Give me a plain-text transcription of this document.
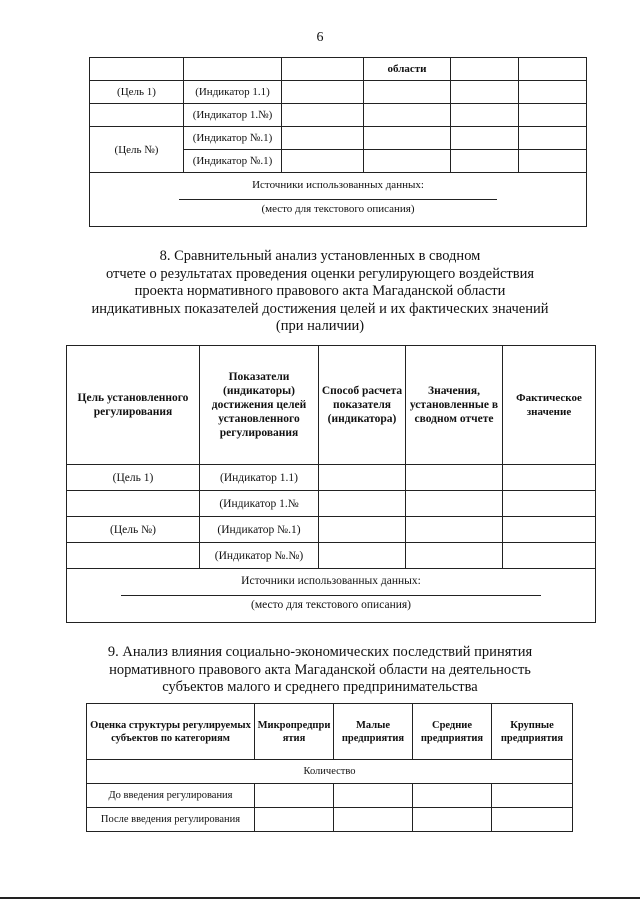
6
			области		
(Цель 1)	(Индикатор 1.1)				
	(Индикатор 1.№)				
(Цель №)	(Индикатор №.1)				
	(Индикатор №.1)				

Источники использованных данных:
(место для текстового описания)					
8. Сравнительный анализ установленных в сводном
отчете о результатах проведения оценки регулирующего воздействия
проекта нормативного правового акта Магаданской области
индикативных показателей достижения целей и их фактических значений
(при наличии)
Цель установленного регулирования	Показатели (индикаторы) достижения целей установленного регулирования	Способ расчета показателя (индикатора)	Значения, установленные в сводном отчете	Фактическое значение
(Цель 1)	(Индикатор 1.1)			
	(Индикатор 1.№			
(Цель №)	(Индикатор №.1)			
	(Индикатор №.№)			

Источники использованных данных:
(место для текстового описания)				
9. Анализ влияния социально-экономических последствий принятия
нормативного правового акта Магаданской области на деятельность
субъектов малого и среднего предпринимательства
Оценка структуры регулируемых субъектов по категориям	Микропредприятия	Малые предприятия	Средние предприятия	Крупные предприятия
Количество				
До введения регулирования				
После введения регулирования				
